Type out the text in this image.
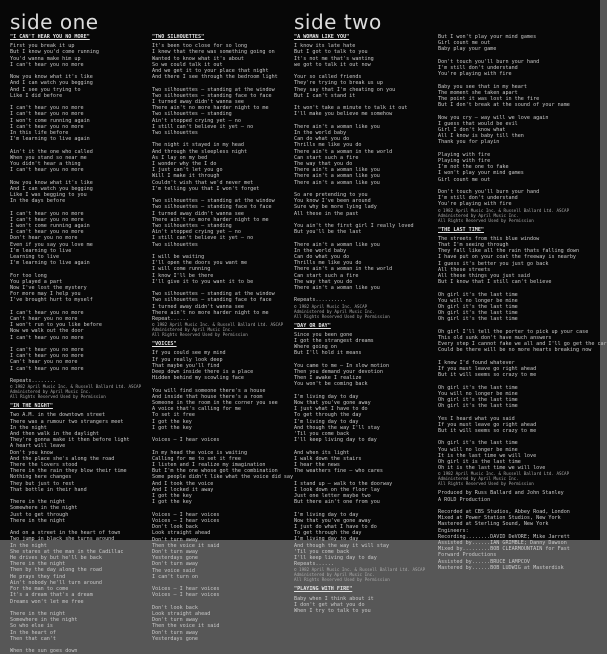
side one	side two
"I CAN'T HEAR YOU NO MORE"
First you break it up
But I know you'd come running
You'd wanna make him up
I can't hear you no more
Now you know what it's like
And I can watch you begging
And I see you trying to
Like I did before
I can't hear you no more
I can't hear you no more
I won't come running again
I can't hear you no more
In this life before
I'm learning to live again
Ain't it the one who called
When you stand so near me
You didn't hear a thing
I can't hear you no more
Now you know what it's like
And I can watch you begging
Like I was begging to you
In the days before
I can't hear you no more
I can't hear you no more
I won't come running again
I can't hear you no more
Don't hear you no more
Even if you say you love me
I'm learning to live
Learning to live
I'm learning to live again
For too long
You played a part
Now I've lost the mystery
For more may I help you
I've brought hurt to myself
I can't hear you no more
Can't hear you no more
I won't run to you like before
Now we walk out the door
I can't hear you no more
I can't hear you no more
I can't hear you no more
Can't hear you no more
I can't hear you no more
Repeats........
© 1982 April Music Inc. & Russell Ballard Ltd. ASCAP
Administered by April Music Inc.
All Rights Reserved Used by Permission
"IN THE NIGHT"
Two A.M. in the downtown street
There was a rumour two strangers meet
In the night
And then walk in the daylight
They're gonna make it then before light
A heart will leave
Don't you know
And the place she's along the road
There the lovers stood
There in the rain they blow their time
Nothing here changes
They but just to rest
That bottle in their hand
There in the night
Somewhere in the night
Just to get through
There in the night
And on a street in the heart of town
Two jump in black she turns around
In the night
She stares at the man in the Cadillac
He drives by but he'll be back
There in the night
Then by the day along the road
He prays they find
Ain't nobody he'll turn around
For the man to come
It's a dream that's a dream
Dreams won't let me free
There in the night
Somewhere in the night
So who else is
In the heart of
Then that can't
When the sun goes down
"TWO SILHOUETTES"
It's been too close for so long
I knew that there was something going on
Wanted to know what it's about
So we could talk it out
And we get it to your place that night
And there I see through the bedroom light
Two silhouettes — standing at the window
Two silhouettes — standing face to face
I turned away didn't wanna see
There ain't no more harder night to me
Two silhouettes — standing
Ain't stopped crying yet — no
I still can't believe it yet — no
Two silhouettes
The night it stayed in my head
And through the sleepless night
As I lay on my bed
I wonder why the I do
I just can't let you go
Will I make it through
Couldn't wish that we'd never met
I'm telling you that I won't forget
Two silhouettes — standing at the window
Two silhouettes — standing face to face
I turned away didn't wanna see
There ain't no more harder night to me
Two silhouettes — standing
Ain't stopped crying yet — no
I still can't believe it yet — no
Two silhouettes
I will be waiting
I'll open the doors you want me
I will come running
I know I'll be there
I'll give it to you want it to be
Two silhouettes — standing at the window
Two silhouettes — standing face to face
I turned away didn't wanna see
There ain't no more harder night to me
Repeat......
© 1982 April Music Inc. & Russell Ballard Ltd. ASCAP
Administered by April Music Inc.
All Rights Reserved Used by Permission
"VOICES"
If you could see my mind
If you really look deep
That maybe you'll find
Deep down inside there is a place
Hidden behind my scowling face
You will find someone there's a house
And inside that house there's a room
Someone in the room in the corner you see
A voice that's calling for me
To set it free
I got the key
I got the key
Voices — I hear voices
In my head the voice is waiting
Calling for me to set it free
I listen and I realize my imagination
But I'm the one whose got the combination
Some people didn't like what the voice did say
And I took the voice
And I locked it away
I got the key
I got the key
Voices — I hear voices
Voices — I hear voices
Don't look back
Look straight ahead
Don't turn away
Then the voice it said
Don't turn away
Yesterdays gone
Don't turn away
The voice said
I can't turn on
Voices — I hear voices
Voices — I hear voices
Don't look back
Look straight ahead
Don't turn away
Then the voice it said
Don't turn away
Yesterdays gone
"A WOMAN LIKE YOU"
I know its late hate
But I got to talk to you
It's not me that's wanting
we got to talk it out now
Your so called friends
They're trying to break us up
They say that I'm cheating on you
But I can't stand it
It won't take a minute to talk it out
I'll make you believe me somehow
There ain't a woman like you
In the world baby
Can do what you do
Thrills me like you do
There ain't a woman in the world
Can start such a fire
The way that you do
There ain't a woman like you
There ain't a woman like you
There ain't a woman like you
So are pretending to you
You know I've been around
Sure why be more lying lady
All these in the past
You ain't the first girl I really loved
But you'll be the last
There ain't a woman like you
In the world baby
Can do what you do
Thrills me like you do
There ain't a woman in the world
Can start such a fire
The way that you do
There ain't a woman like you
Repeats..........
© 1982 April Music Inc. ASCAP
Administered by April Music Inc.
All Rights Reserved Used by Permission
"DAY OR DAY"
Since you been gone
I got the strangest dreams
Where going on
But I'll hold it means
You came to me — In slow motion
Then you demand your devotion
Then I awake I realize
You won't be coming back
I'm living day to day
Now that you've gone away
I just what I have to do
To get through the day
I'm living day to day
And though the way I'll stay
'Til you come back
I'll keep living day to day
And when its light
I walk down the stairs
I hear the news
The weathers fine — who cares
I stand up — walk to the doorway
I look down on the floor lay
Just one letter maybe two
But there ain't one from you
I'm living day to day
Now that you've gone away
I just do what I have to do
To get through the day
I'm living day to day
And though the way it will stay
'Til you come back
I'll keep living day to day
Repeats......
© 1982 April Music Inc. & Russell Ballard Ltd. ASCAP
Administered by April Music Inc.
All Rights Reserved Used by Permission
"PLAYING WITH FIRE"
Baby when I think about it
I don't get what you do
When I try to talk to you
But I won't play your mind games
Girl count me out
Baby play your game
Don't touch you'll burn your hand
I'm still don't understand
You're playing with fire
Baby you see that in my heart
The moment she taken apart
The point it was lost in the fire
But I don't break at the sound of your name
Now you cry — way will we love again
I guess that would be evil
Girl I don't know what
All I know is baby till then
Thank you for playin
Playing with fire
Playing with fire
I'm not the one to fake
I won't play your mind games
Girl count me out
Don't touch you'll burn your hand
I'm still don't understand
You're playing with fire
© 1982 April Music Inc. & Russell Ballard Ltd. ASCAP
Administered by April Music Inc.
All Rights Reserved Used by Permission
"THE LAST TIME"
The streets from this blue window
That I'm seeing through
They fall like all the rain thats falling down
I have put on your coat the freeway is nearby
I guess it's better you just go back
All these streets
All these things you just said
But I know that I still can't believe
Oh girl it's the last time
You will no longer be mine
Oh girl it's the last time
Oh girl it's the last time
Oh girl it's the last time
Oh girl I'll tell the porter to pick up your case
This old sunk don't have much answers
Every step I cannot fake we all and I'll go get the car
Could be there will be no more hearts breaking now
I knew I'd found whatever
If you must leave go right ahead
But it will seems so crazy to me
Oh girl it's the last time
You will no longer be mine
Oh girl it's the last time
Oh girl it's the last time
Yes I heard what you said
If you must leave go right ahead
But it will seems so crazy to me
Oh girl it's the last time
You will no longer be mine
It is the last time we will love
Oh girl it is the last time
Oh it is the last time we will love
© 1982 April Music Inc. & Russell Ballard Ltd. ASCAP
Administered by April Music Inc.
All Rights Reserved Used by Permission
Produced by Russ Ballard and John Stanley
A ROLD Production
Recorded at CBS Studios, Abbey Road, London
Mixed at Power Station Studios, New York
Mastered at Sterling Sound, New York
Engineers:
Recording........DAVID DeVORE; Mike Jarrett
Assisted by......IAN GRIMBLE; Danny Dawson
Mixed by.........BOB CLEARMOUNTAIN for Fast
Forward Productions
Assisted by......BRUCE LAMPCOV
Mastered by......BOB LUDWIG at Masterdisk
